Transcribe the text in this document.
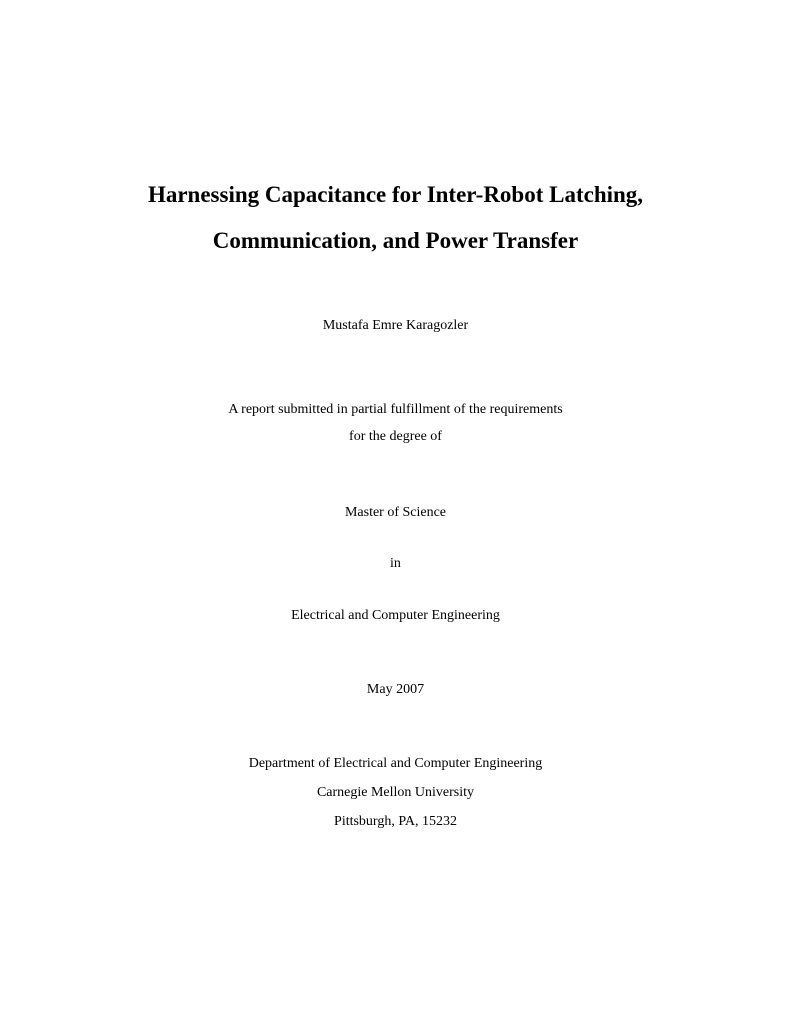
Harnessing Capacitance for Inter-Robot Latching,
Communication, and Power Transfer
Mustafa Emre Karagozler
A report submitted in partial fulfillment of the requirements
for the degree of
Master of Science
in
Electrical and Computer Engineering
May 2007
Department of Electrical and Computer Engineering
Carnegie Mellon University
Pittsburgh, PA, 15232
